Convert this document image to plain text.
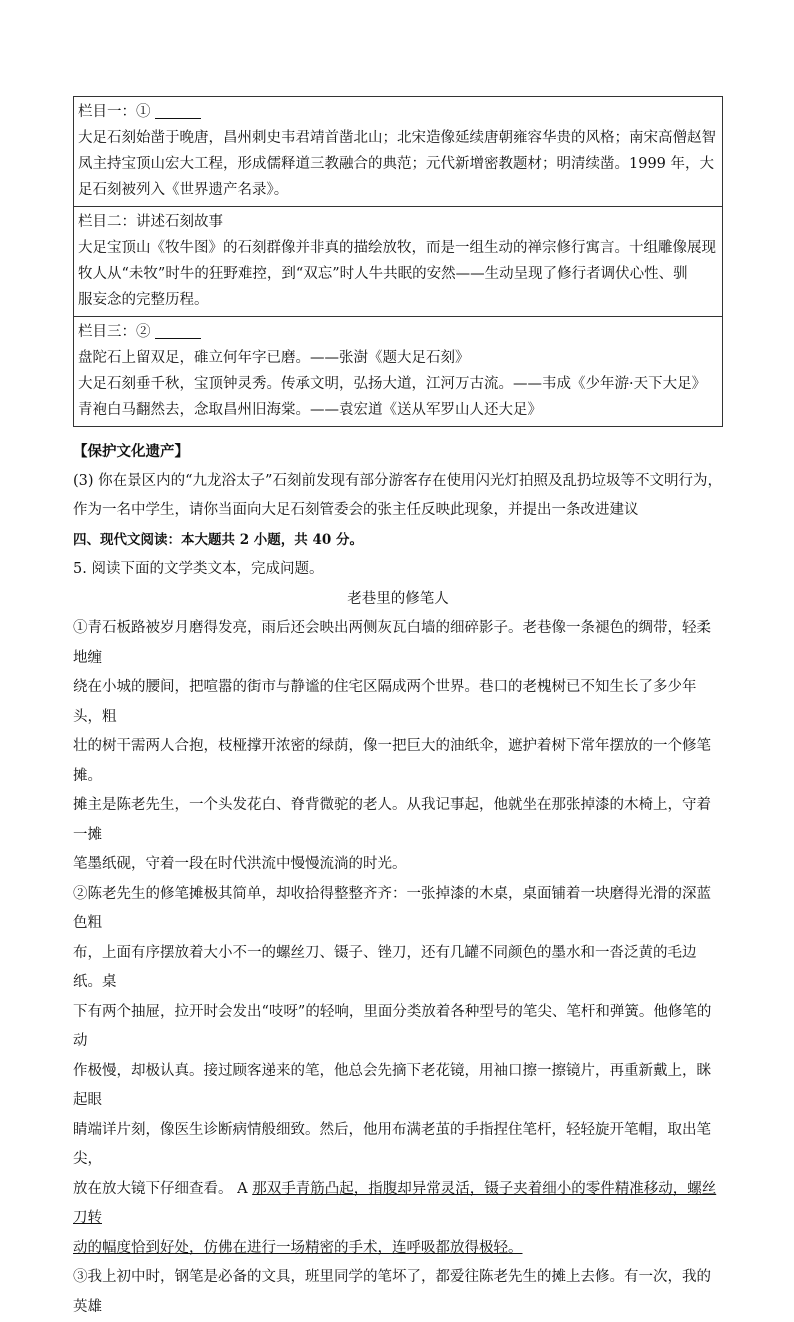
栏目一：①
大足石刻始凿于晚唐，昌州刺史韦君靖首凿北山；北宋造像延续唐朝雍容华贵的风格；南宋高僧赵智
凤主持宝顶山宏大工程，形成儒释道三教融合的典范；元代新增密教题材；明清续凿。1999 年，大
足石刻被列入《世界遗产名录》。

栏目二：讲述石刻故事
大足宝顶山《牧牛图》的石刻群像并非真的描绘放牧，而是一组生动的禅宗修行寓言。十组雕像展现
牧人从“未牧”时牛的狂野难控，到“双忘”时人牛共眠的安然——生动呈现了修行者调伏心性、驯
服妄念的完整历程。

栏目三：②
盘陀石上留双足，碓立何年字已磨。——张澍《题大足石刻》
大足石刻垂千秋，宝顶钟灵秀。传承文明，弘扬大道，江河万古流。——韦成《少年游·天下大足》
青袍白马翻然去，念取昌州旧海棠。——袁宏道《送从军罗山人还大足》
【保护文化遗产】
(3) 你在景区内的“九龙浴太子”石刻前发现有部分游客存在使用闪光灯拍照及乱扔垃圾等不文明行为，
作为一名中学生，请你当面向大足石刻管委会的张主任反映此现象，并提出一条改进建议
四、现代文阅读：本大题共 2 小题，共 40 分。
5. 阅读下面的文学类文本，完成问题。
老巷里的修笔人
①青石板路被岁月磨得发亮，雨后还会映出两侧灰瓦白墙的细碎影子。老巷像一条褪色的绸带，轻柔地缠
绕在小城的腰间，把喧嚣的街市与静谧的住宅区隔成两个世界。巷口的老槐树已不知生长了多少年头，粗
壮的树干需两人合抱，枝桠撑开浓密的绿荫，像一把巨大的油纸伞，遮护着树下常年摆放的一个修笔摊。
摊主是陈老先生，一个头发花白、脊背微驼的老人。从我记事起，他就坐在那张掉漆的木椅上，守着一摊
笔墨纸砚，守着一段在时代洪流中慢慢流淌的时光。
②陈老先生的修笔摊极其简单，却收拾得整整齐齐：一张掉漆的木桌，桌面铺着一块磨得光滑的深蓝色粗
布，上面有序摆放着大小不一的螺丝刀、镊子、锉刀，还有几罐不同颜色的墨水和一沓泛黄的毛边纸。桌
下有两个抽屉，拉开时会发出“吱呀”的轻响，里面分类放着各种型号的笔尖、笔杆和弹簧。他修笔的动
作极慢，却极认真。接过顾客递来的笔，他总会先摘下老花镜，用袖口擦一擦镜片，再重新戴上，眯起眼
睛端详片刻，像医生诊断病情般细致。然后，他用布满老茧的手指捏住笔杆，轻轻旋开笔帽，取出笔尖，
放在放大镜下仔细查看。 A 那双手青筋凸起，指腹却异常灵活，镊子夹着细小的零件精准移动，螺丝刀转
动的幅度恰到好处，仿佛在进行一场精密的手术，连呼吸都放得极轻。
③我上初中时，钢笔是必备的文具，班里同学的笔坏了，都爱往陈老先生的摊上去修。有一次，我的英雄
